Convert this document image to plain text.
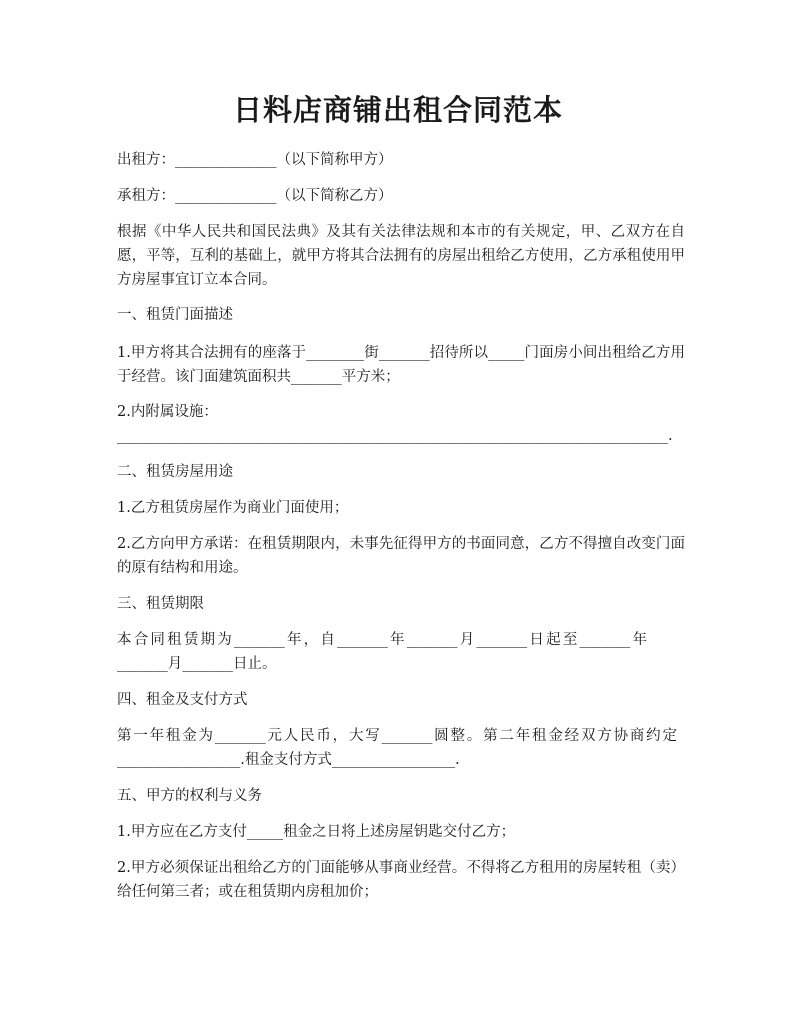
日料店商铺出租合同范本
出租方：______________（以下简称甲方）
承租方：______________（以下简称乙方）
根据《中华人民共和国民法典》及其有关法律法规和本市的有关规定，甲、乙双方在自愿，平等，互利的基础上，就甲方将其合法拥有的房屋出租给乙方使用，乙方承租使用甲方房屋事宜订立本合同。
一、租赁门面描述
1.甲方将其合法拥有的座落于________街_______招待所以_____门面房小间出租给乙方用于经营。该门面建筑面积共_______平方米；
2.内附属设施：
____________________________________________________________________________.
二、租赁房屋用途
1.乙方租赁房屋作为商业门面使用；
2.乙方向甲方承诺：在租赁期限内，未事先征得甲方的书面同意，乙方不得擅自改变门面的原有结构和用途。
三、租赁期限
本合同租赁期为_______年，自_______年_______月_______日起至_______年_______月_______日止。
四、租金及支付方式
第一年租金为_______元人民币，大写_______圆整。第二年租金经双方协商约定_________________.租金支付方式_________________.
五、甲方的权利与义务
1.甲方应在乙方支付_____租金之日将上述房屋钥匙交付乙方；
2.甲方必须保证出租给乙方的门面能够从事商业经营。不得将乙方租用的房屋转租（卖）给任何第三者；或在租赁期内房租加价；
